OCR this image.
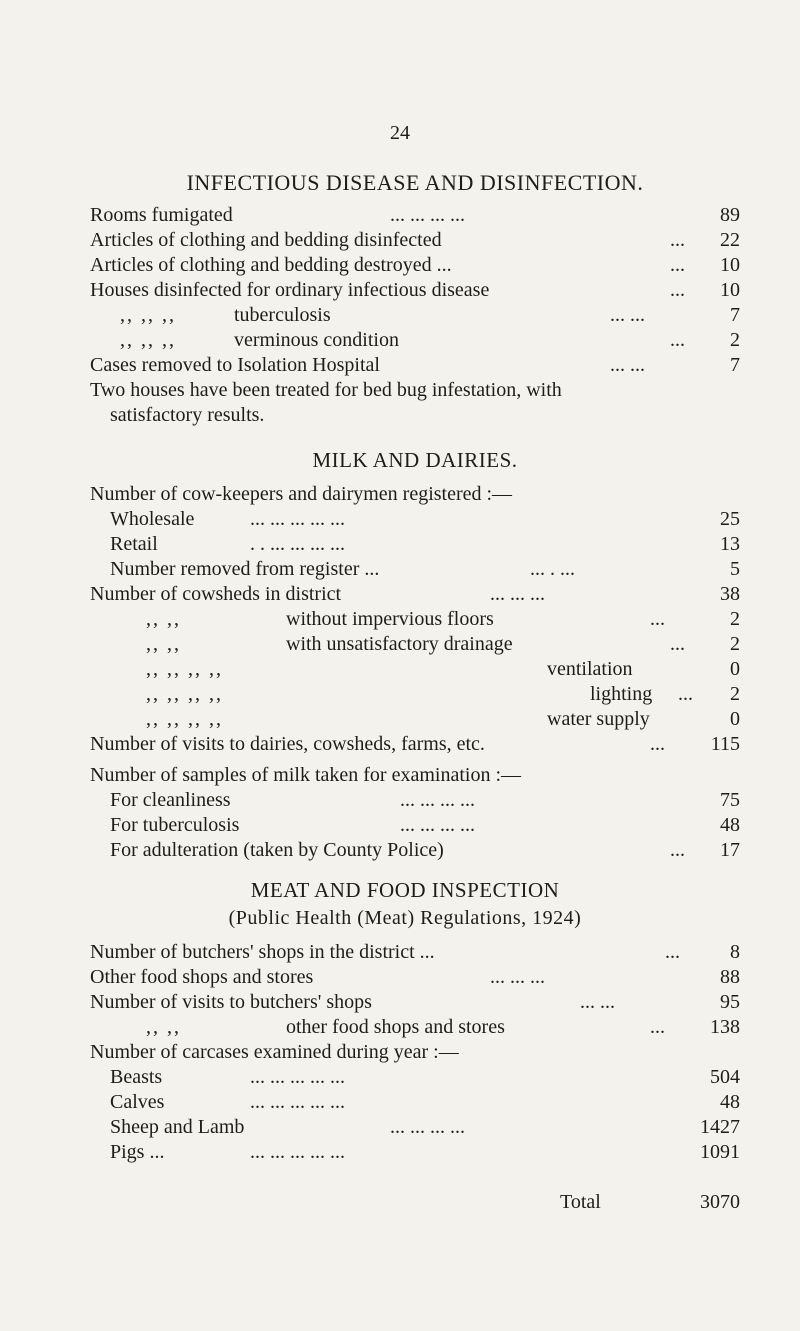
24
INFECTIOUS DISEASE AND DISINFECTION.
Rooms fumigated	... ... ... ...	89
Articles of clothing and bedding disinfected	... 22
Articles of clothing and bedding destroyed ...	... 10
Houses disinfected for ordinary infectious disease	... 10
,, ,, ,,	tuberculosis	... ...	7
,, ,, ,,	verminous condition	... 2
Cases removed to Isolation Hospital	... ...	7
Two houses have been treated for bed bug infestation, with
satisfactory results.
MILK AND DAIRIES.
Number of cow-keepers and dairymen registered :—
Wholesale	... ... ... ... ...	25
Retail	. . ... ... ... ...	13
Number removed from register ...	... . ...	5
Number of cowsheds in district	... ... ...	38
,, ,,	without impervious floors	...	2
,, ,,	with unsatisfactory drainage	... 2
,, ,, ,, ,,	ventilation	0
,, ,, ,, ,,	lighting ... 2
,, ,, ,, ,,	water supply	0
Number of visits to dairies, cowsheds, farms, etc.	... 115
Number of samples of milk taken for examination :—
For cleanliness	... ... ... ...	75
For tuberculosis	... ... ... ...	48
For adulteration (taken by County Police)	... 17
MEAT AND FOOD INSPECTION
(Public Health (Meat) Regulations, 1924)
Number of butchers' shops in the district ...	...	8
Other food shops and stores	... ... ...	88
Number of visits to butchers' shops	... ...	95
,, ,,	other food shops and stores	... 138
Number of carcases examined during year :—
Beasts	... ... ... ... ...	504
Calves	... ... ... ... ...	48
Sheep and Lamb	... ... ... ...	1427
Pigs ...	... ... ... ... ...	1091
Total	3070
